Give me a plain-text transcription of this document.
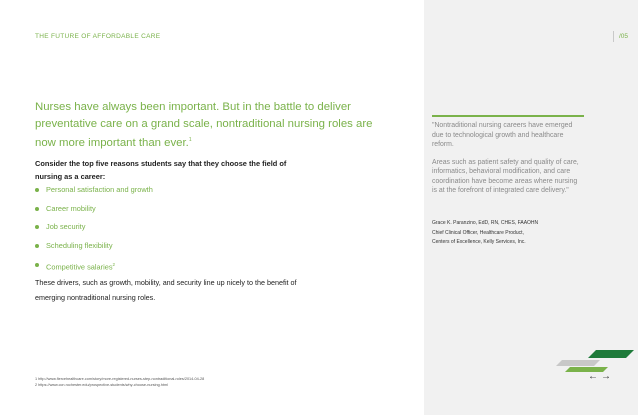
THE FUTURE OF AFFORDABLE CARE	/05
Nurses have always been important. But in the battle to deliver preventative care on a grand scale, nontraditional nursing roles are now more important than ever.$^1$
Consider the top five reasons students say that they choose the field of
nursing as a career:
Personal satisfaction and growth
Career mobility
Job security
Scheduling flexibility
Competitive salaries$^2$
These drivers, such as growth, mobility, and security line up nicely to the benefit of
emerging nontraditional nursing roles.
1 http://www.fiercehealthcare.com/story/more-registered-nurses-step-nontraditional-roles/2014-04-28
2 https://www.ccn.rochester.edu/prospective-students/why-choose-nursing.html

"Nontraditional nursing careers have emerged due to technological growth and healthcare reform.

Areas such as patient safety and quality of care, informatics, behavioral modification, and care coordination have become areas where nursing is at the forefront of integrated care delivery."

Grace K. Paranzino, EdD, RN, CHES, FAAOHN
Chief Clinical Officer, Healthcare Product,
Centers of Excellence, Kelly Services, Inc.
←→
